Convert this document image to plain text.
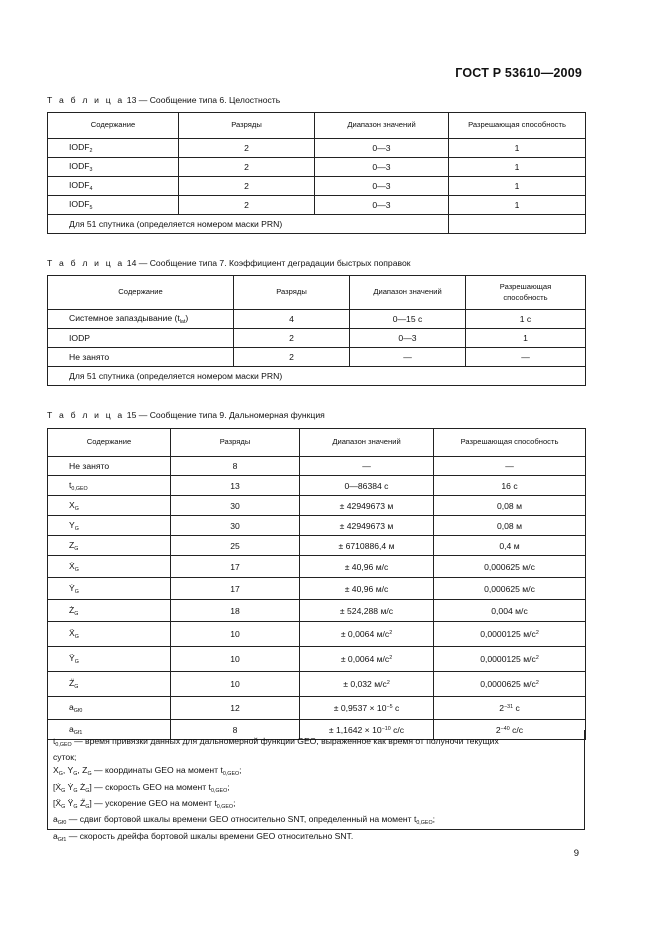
ГОСТ Р 53610—2009
Т а б л и ц а 13 — Сообщение типа 6. Целостность
Содержание	Разряды	Диапазон значений	Разрешающая способность
$IODF_2$	2	0—3	1
$IODF_3$	2	0—3	1
$IODF_4$	2	0—3	1
$IODF_5$	2	0—3	1
Для 51 спутника (определяется номером маски PRN)			
Т а б л и ц а 14 — Сообщение типа 7. Коэффициент деградации быстрых поправок
Содержание	Разряды	Диапазон значений	Разрешающая способность
Системное запаздывание $(t_{lat})$	4	0—15 с	1 с
IODP	2	0—3	1
Не занято	2	—	—
Для 51 спутника (определяется номером маски PRN)			
Т а б л и ц а 15 — Сообщение типа 9. Дальномерная функция
Содержание	Разряды	Диапазон значений	Разрешающая способность
Не занято	8	—	—
$t_{0,GEO}$	13	0—86384 с	16 с
$X_G$	30	± 42949673 м	0,08 м
$Y_G$	30	± 42949673 м	0,08 м
$Z_G$	25	± 6710886,4 м	0,4 м
Ẋ$_G$	17	± 40,96 м/с	0,000625 м/с
Ẏ$_G$	17	± 40,96 м/с	0,000625 м/с
$Ż_G$	18	± 524,288 м/с	0,004 м/с
Ẍ$_G$	10	± 0,0064 $м/с^2$	0,0000125 $м/с^2$
$Ÿ_G$	10	± 0,0064 $м/с^2$	0,0000125 $м/с^2$
$Z̈_G$	10	± 0,032 $м/с^2$	0,0000625 $м/с^2$
$a_{Gf0}$	12	± $0,9537 \times 10^{-5}$ с	$2^{-31}$ с
$a_{Gf1}$	8	± $1,1642 \times 10^{-10}$ с/с	$2^{-40}$ с/с
$t_{0,GEO}$ — время привязки данных для дальномерной функции GEO, выраженное как время от полуночи текущих
суток;
$X_G$, $Y_G$, $Z_G$ — координаты GEO на момент $t_{0,GEO}$;
[Ẋ$_G$ Ẏ$_G$ $Ż_G$] — скорость GEO на момент $t_{0,GEO}$;
[Ẍ$_G$ $Ÿ_G$ $Z̈_G$] — ускорение GEO на момент $t_{0,GEO}$;
$a_{Gf0}$ — сдвиг бортовой шкалы времени GEO относительно SNT, определенный на момент $t_{0,GEO}$;
$a_{Gf1}$ — скорость дрейфа бортовой шкалы времени GEO относительно SNT.
9
